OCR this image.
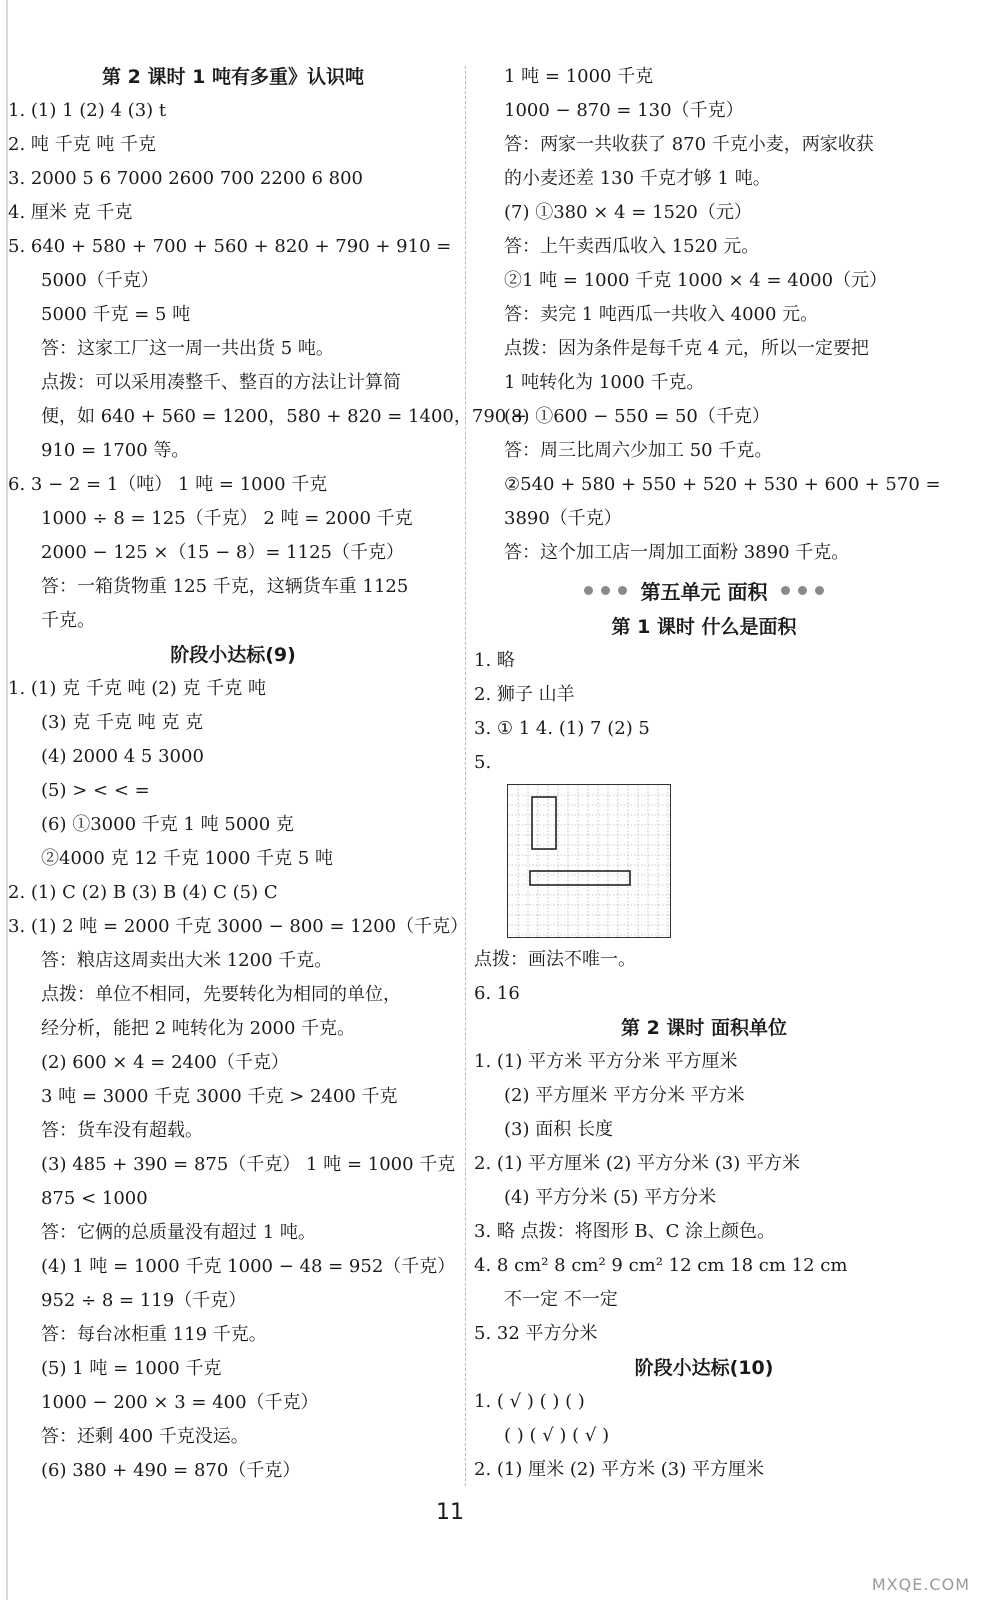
第 2 课时 1 吨有多重》认识吨
1. (1) 1 (2) 4 (3) t
2. 吨 千克 吨 千克
3. 2000 5 6 7000 2600 700 2200 6 800
4. 厘米 克 千克
5. 640 + 580 + 700 + 560 + 820 + 790 + 910 =
5000（千克）
5000 千克 = 5 吨
答：这家工厂这一周一共出货 5 吨。
点拨：可以采用凑整千、整百的方法让计算简
便，如 640 + 560 = 1200，580 + 820 = 1400，790 +
910 = 1700 等。
6. 3 − 2 = 1（吨） 1 吨 = 1000 千克
1000 ÷ 8 = 125（千克） 2 吨 = 2000 千克
2000 − 125 ×（15 − 8）= 1125（千克）
答：一箱货物重 125 千克，这辆货车重 1125
千克。
阶段小达标(9)
1. (1) 克 千克 吨 (2) 克 千克 吨
(3) 克 千克 吨 克 克
(4) 2000 4 5 3000
(5) > < < =
(6) ①3000 千克 1 吨 5000 克
②4000 克 12 千克 1000 千克 5 吨
2. (1) C (2) B (3) B (4) C (5) C
3. (1) 2 吨 = 2000 千克 3000 − 800 = 1200（千克）
答：粮店这周卖出大米 1200 千克。
点拨：单位不相同，先要转化为相同的单位，
经分析，能把 2 吨转化为 2000 千克。
(2) 600 × 4 = 2400（千克）
3 吨 = 3000 千克 3000 千克 > 2400 千克
答：货车没有超载。
(3) 485 + 390 = 875（千克） 1 吨 = 1000 千克
875 < 1000
答：它俩的总质量没有超过 1 吨。
(4) 1 吨 = 1000 千克 1000 − 48 = 952（千克）
952 ÷ 8 = 119（千克）
答：每台冰柜重 119 千克。
(5) 1 吨 = 1000 千克
1000 − 200 × 3 = 400（千克）
答：还剩 400 千克没运。
(6) 380 + 490 = 870（千克）
1 吨 = 1000 千克
1000 − 870 = 130（千克）
答：两家一共收获了 870 千克小麦，两家收获
的小麦还差 130 千克才够 1 吨。
(7) ①380 × 4 = 1520（元）
答：上午卖西瓜收入 1520 元。
②1 吨 = 1000 千克 1000 × 4 = 4000（元）
答：卖完 1 吨西瓜一共收入 4000 元。
点拨：因为条件是每千克 4 元，所以一定要把
1 吨转化为 1000 千克。
(8) ①600 − 550 = 50（千克）
答：周三比周六少加工 50 千克。
②540 + 580 + 550 + 520 + 530 + 600 + 570 =
3890（千克）
答：这个加工店一周加工面粉 3890 千克。
第五单元 面积
第 1 课时 什么是面积
1. 略
2. 狮子 山羊
3. ① 1 4. (1) 7 (2) 5
5.
点拨：画法不唯一。
6. 16
第 2 课时 面积单位
1. (1) 平方米 平方分米 平方厘米
(2) 平方厘米 平方分米 平方米
(3) 面积 长度
2. (1) 平方厘米 (2) 平方分米 (3) 平方米
(4) 平方分米 (5) 平方分米
3. 略 点拨：将图形 B、C 涂上颜色。
4. 8 cm² 8 cm² 9 cm² 12 cm 18 cm 12 cm
不一定 不一定
5. 32 平方分米
阶段小达标(10)
1. ( √ ) ( ) ( )
( ) ( √ ) ( √ )
2. (1) 厘米 (2) 平方米 (3) 平方厘米
11
MXQE.COM
